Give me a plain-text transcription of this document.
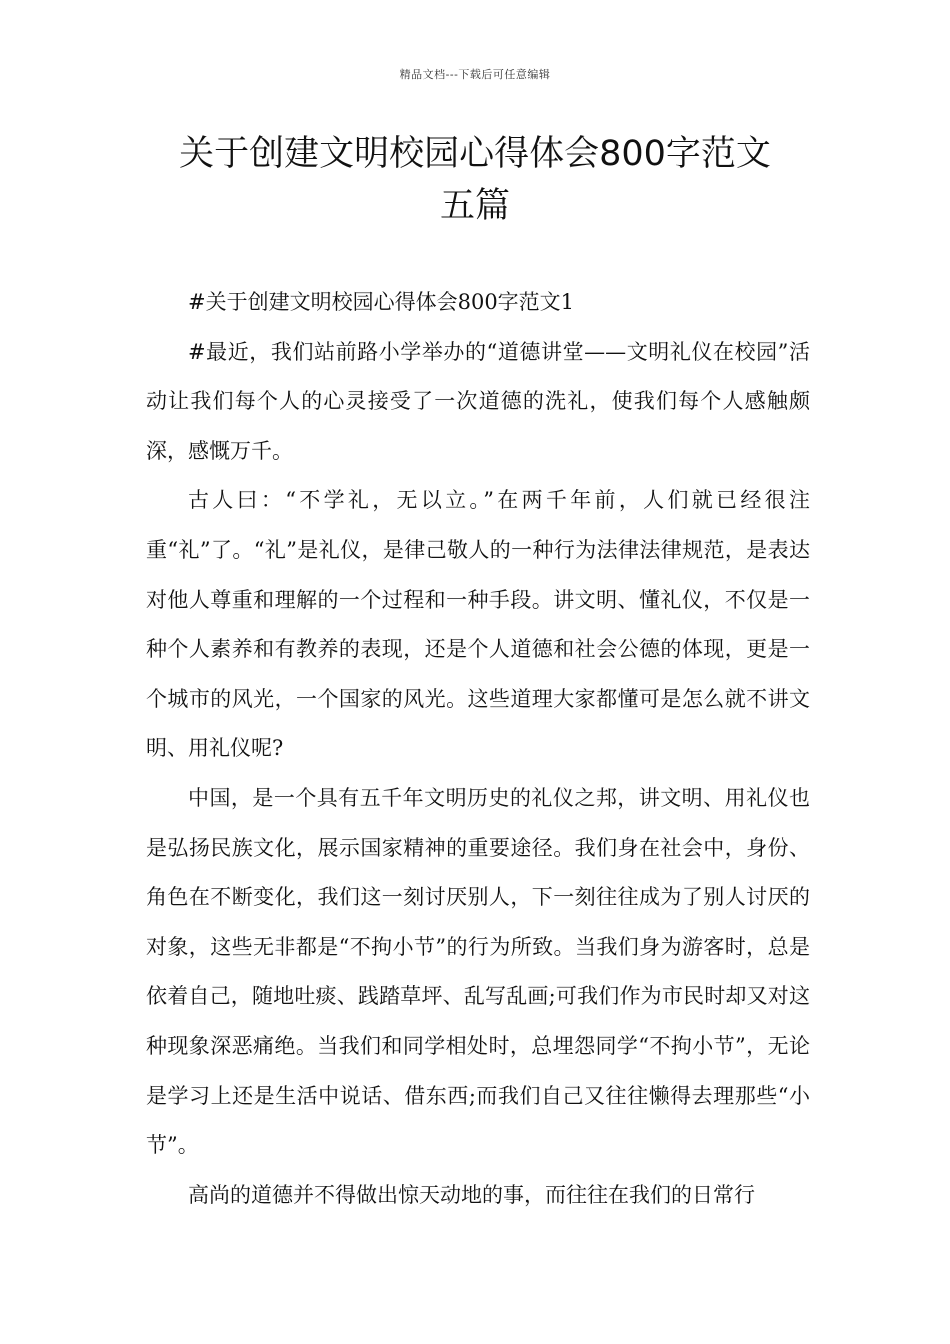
精品文档---下载后可任意编辑
关于创建文明校园心得体会800字范文
五篇

#关于创建文明校园心得体会800字范文1

#最近，我们站前路小学举办的“道德讲堂——文明礼仪在校园”活动让我们每个人的心灵接受了一次道德的洗礼，使我们每个人感触颇深，感慨万千。

古人曰：“不学礼，无以立。”在两千年前，人们就已经很注重“礼”了。“礼”是礼仪，是律己敬人的一种行为法律法律规范，是表达对他人尊重和理解的一个过程和一种手段。讲文明、懂礼仪，不仅是一种个人素养和有教养的表现，还是个人道德和社会公德的体现，更是一个城市的风光，一个国家的风光。这些道理大家都懂可是怎么就不讲文明、用礼仪呢?

中国，是一个具有五千年文明历史的礼仪之邦，讲文明、用礼仪也是弘扬民族文化，展示国家精神的重要途径。我们身在社会中，身份、角色在不断变化，我们这一刻讨厌别人，下一刻往往成为了别人讨厌的对象，这些无非都是“不拘小节”的行为所致。当我们身为游客时，总是依着自己，随地吐痰、践踏草坪、乱写乱画;可我们作为市民时却又对这种现象深恶痛绝。当我们和同学相处时，总埋怨同学“不拘小节”，无论是学习上还是生活中说话、借东西;而我们自己又往往懒得去理那些“小节”。

高尚的道德并不得做出惊天动地的事，而往往在我们的日常行
